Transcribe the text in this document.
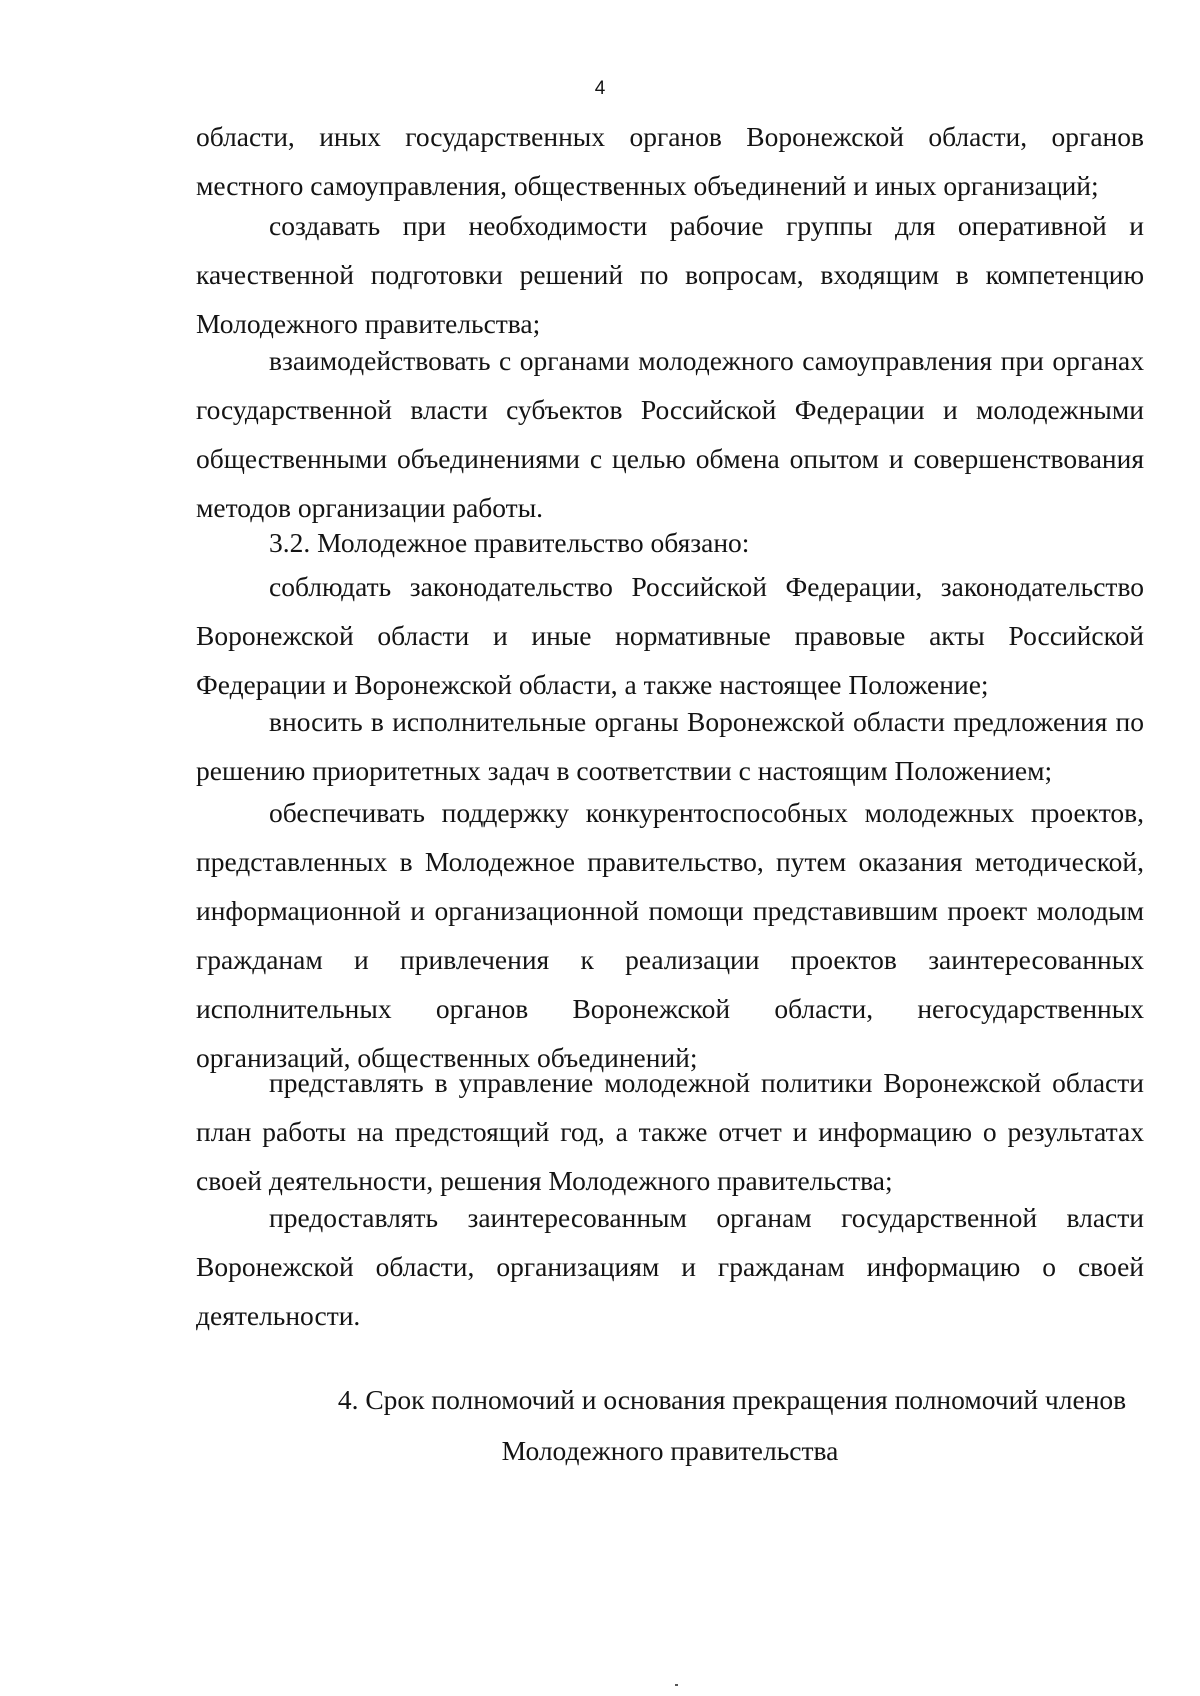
4

области, иных государственных органов Воронежской области, органов местного самоуправления, общественных объединений и иных организаций;

создавать при необходимости рабочие группы для оперативной и качественной подготовки решений по вопросам, входящим в компетенцию Молодежного правительства;

взаимодействовать с органами молодежного самоуправления при органах государственной власти субъектов Российской Федерации и молодежными общественными объединениями с целью обмена опытом и совершенствования методов организации работы.

3.2. Молодежное правительство обязано:

соблюдать законодательство Российской Федерации, законодательство Воронежской области и иные нормативные правовые акты Российской Федерации и Воронежской области, а также настоящее Положение;

вносить в исполнительные органы Воронежской области предложения по решению приоритетных задач в соответствии с настоящим Положением;

обеспечивать поддержку конкурентоспособных молодежных проектов, представленных в Молодежное правительство, путем оказания методической, информационной и организационной помощи представившим проект молодым гражданам и привлечения к реализации проектов заинтересованных исполнительных органов Воронежской области, негосударственных организаций, общественных объединений;

представлять в управление молодежной политики Воронежской области план работы на предстоящий год, а также отчет и информацию о результатах своей деятельности, решения Молодежного правительства;

предоставлять заинтересованным органам государственной власти Воронежской области, организациям и гражданам информацию о своей деятельности.

4. Срок полномочий и основания прекращения полномочий членов
Молодежного правительства
